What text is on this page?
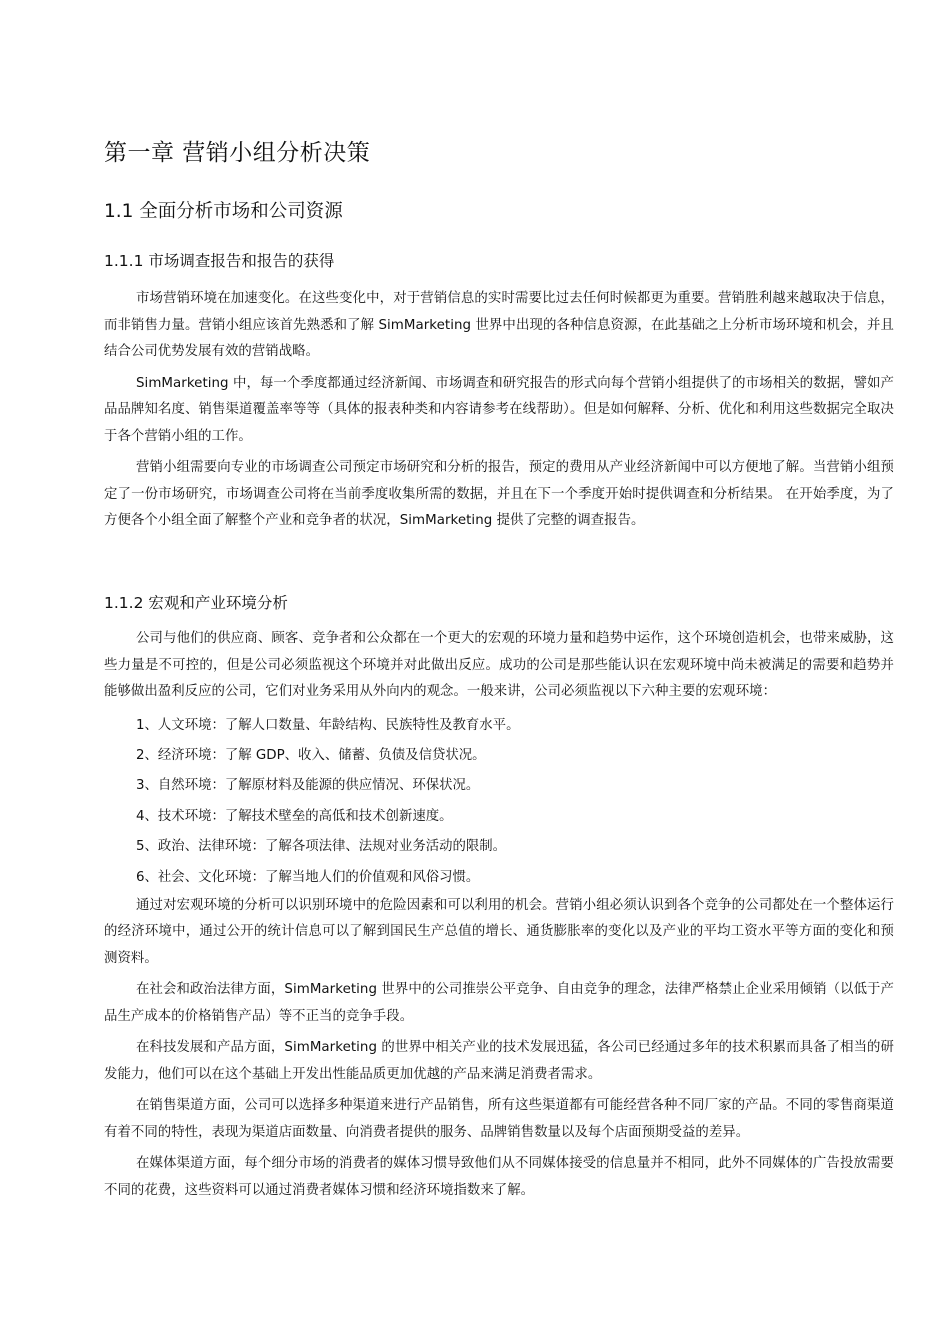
第一章 营销小组分析决策
1.1 全面分析市场和公司资源
1.1.1 市场调查报告和报告的获得

市场营销环境在加速变化。在这些变化中，对于营销信息的实时需要比过去任何时候都更为重要。营销胜利越来越取决于信息，而非销售力量。营销小组应该首先熟悉和了解 SimMarketing 世界中出现的各种信息资源，在此基础之上分析市场环境和机会，并且结合公司优势发展有效的营销战略。

SimMarketing 中，每一个季度都通过经济新闻、市场调查和研究报告的形式向每个营销小组提供了的市场相关的数据，譬如产品品牌知名度、销售渠道覆盖率等等（具体的报表种类和内容请参考在线帮助）。但是如何解释、分析、优化和利用这些数据完全取决于各个营销小组的工作。

营销小组需要向专业的市场调查公司预定市场研究和分析的报告，预定的费用从产业经济新闻中可以方便地了解。当营销小组预定了一份市场研究，市场调查公司将在当前季度收集所需的数据，并且在下一个季度开始时提供调查和分析结果。 在开始季度，为了方便各个小组全面了解整个产业和竞争者的状况，SimMarketing 提供了完整的调查报告。

1.1.2 宏观和产业环境分析

公司与他们的供应商、顾客、竞争者和公众都在一个更大的宏观的环境力量和趋势中运作，这个环境创造机会，也带来威胁，这些力量是不可控的，但是公司必须监视这个环境并对此做出反应。成功的公司是那些能认识在宏观环境中尚未被满足的需要和趋势并能够做出盈利反应的公司，它们对业务采用从外向内的观念。一般来讲，公司必须监视以下六种主要的宏观环境：

1、人文环境：了解人口数量、年龄结构、民族特性及教育水平。

2、经济环境：了解 GDP、收入、储蓄、负债及信贷状况。

3、自然环境：了解原材料及能源的供应情况、环保状况。

4、技术环境：了解技术壁垒的高低和技术创新速度。

5、政治、法律环境：了解各项法律、法规对业务活动的限制。

6、社会、文化环境：了解当地人们的价值观和风俗习惯。

通过对宏观环境的分析可以识别环境中的危险因素和可以利用的机会。营销小组必须认识到各个竞争的公司都处在一个整体运行的经济环境中，通过公开的统计信息可以了解到国民生产总值的增长、通货膨胀率的变化以及产业的平均工资水平等方面的变化和预测资料。

在社会和政治法律方面，SimMarketing 世界中的公司推崇公平竞争、自由竞争的理念，法律严格禁止企业采用倾销（以低于产品生产成本的价格销售产品）等不正当的竞争手段。

在科技发展和产品方面，SimMarketing 的世界中相关产业的技术发展迅猛，各公司已经通过多年的技术积累而具备了相当的研发能力，他们可以在这个基础上开发出性能品质更加优越的产品来满足消费者需求。

在销售渠道方面，公司可以选择多种渠道来进行产品销售，所有这些渠道都有可能经营各种不同厂家的产品。不同的零售商渠道有着不同的特性，表现为渠道店面数量、向消费者提供的服务、品牌销售数量以及每个店面预期受益的差异。

在媒体渠道方面，每个细分市场的消费者的媒体习惯导致他们从不同媒体接受的信息量并不相同，此外不同媒体的广告投放需要不同的花费，这些资料可以通过消费者媒体习惯和经济环境指数来了解。
